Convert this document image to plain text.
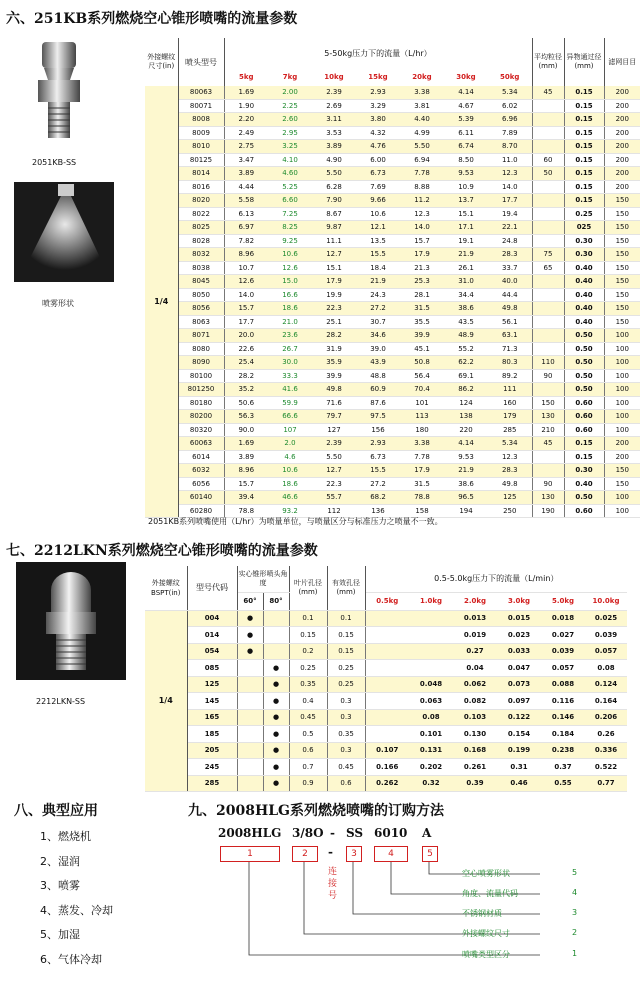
六、251KB系列燃烧空心锥形喷嘴的流量参数
2051KB-SS
喷雾形状
外接螺纹尺寸(in)	喷头型号	5-50kg压力下的流量（L/hr）							平均粒径(mm)	异物通过径(mm)	滤网目目
		5kg	7kg	10kg	15kg	20kg	30kg	50kg			
1/4	80063	1.69	2.00	2.39	2.93	3.38	4.14	5.34	45	0.15	200
	80071	1.90	2.25	2.69	3.29	3.81	4.67	6.02		0.15	200
	8008	2.20	2.60	3.11	3.80	4.40	5.39	6.96		0.15	200
	8009	2.49	2.95	3.53	4.32	4.99	6.11	7.89		0.15	200
	8010	2.75	3.25	3.89	4.76	5.50	6.74	8.70		0.15	200
	80125	3.47	4.10	4.90	6.00	6.94	8.50	11.0	60	0.15	200
	8014	3.89	4.60	5.50	6.73	7.78	9.53	12.3	50	0.15	200
	8016	4.44	5.25	6.28	7.69	8.88	10.9	14.0		0.15	200
	8020	5.58	6.60	7.90	9.66	11.2	13.7	17.7		0.15	150
	8022	6.13	7.25	8.67	10.6	12.3	15.1	19.4		0.25	150
	8025	6.97	8.25	9.87	12.1	14.0	17.1	22.1		025	150
	8028	7.82	9.25	11.1	13.5	15.7	19.1	24.8		0.30	150
	8032	8.96	10.6	12.7	15.5	17.9	21.9	28.3	75	0.30	150
	8038	10.7	12.6	15.1	18.4	21.3	26.1	33.7	65	0.40	150
	8045	12.6	15.0	17.9	21.9	25.3	31.0	40.0		0.40	150
	8050	14.0	16.6	19.9	24.3	28.1	34.4	44.4		0.40	150
	8056	15.7	18.6	22.3	27.2	31.5	38.6	49.8		0.40	150
	8063	17.7	21.0	25.1	30.7	35.5	43.5	56.1		0.40	150
	8071	20.0	23.6	28.2	34.6	39.9	48.9	63.1		0.50	100
	8080	22.6	26.7	31.9	39.0	45.1	55.2	71.3		0.50	100
	8090	25.4	30.0	35.9	43.9	50.8	62.2	80.3	110	0.50	100
	80100	28.2	33.3	39.9	48.8	56.4	69.1	89.2	90	0.50	100
	801250	35.2	41.6	49.8	60.9	70.4	86.2	111		0.50	100
	80180	50.6	59.9	71.6	87.6	101	124	160	150	0.60	100
	80200	56.3	66.6	79.7	97.5	113	138	179	130	0.60	100
	80320	90.0	107	127	156	180	220	285	210	0.60	100
	60063	1.69	2.0	2.39	2.93	3.38	4.14	5.34	45	0.15	200
	6014	3.89	4.6	5.50	6.73	7.78	9.53	12.3		0.15	200
	6032	8.96	10.6	12.7	15.5	17.9	21.9	28.3		0.30	150
	6056	15.7	18.6	22.3	27.2	31.5	38.6	49.8	90	0.40	150
	60140	39.4	46.6	55.7	68.2	78.8	96.5	125	130	0.50	100
	60280	78.8	93.2	112	136	158	194	250	190	0.60	100
2051KB系列喷嘴使用（L/hr）为喷量单位，与喷量区分与标准压力之喷量不一致。
七、2212LKN系列燃烧空心锥形喷嘴的流量参数
2212LKN-SS
外接螺纹BSPT(in)	型号代码	实心锥形喷头角度		叶片孔径(mm)	有效孔径(mm)	0.5-5.0kg压力下的流量（L/min）					
		60°	80°			0.5kg	1.0kg	2.0kg	3.0kg	5.0kg	10.0kg
1/4	004	●		0.1	0.1			0.013	0.015	0.018	0.025
	014	●		0.15	0.15			0.019	0.023	0.027	0.039
	054	●		0.2	0.15			0.27	0.033	0.039	0.057
	085		●	0.25	0.25			0.04	0.047	0.057	0.08
	125		●	0.35	0.25		0.048	0.062	0.073	0.088	0.124
	145		●	0.4	0.3		0.063	0.082	0.097	0.116	0.164
	165		●	0.45	0.3		0.08	0.103	0.122	0.146	0.206
	185		●	0.5	0.35		0.101	0.130	0.154	0.184	0.26
	205		●	0.6	0.3	0.107	0.131	0.168	0.199	0.238	0.336
	245		●	0.7	0.45	0.166	0.202	0.261	0.31	0.37	0.522
	285		●	0.9	0.6	0.262	0.32	0.39	0.46	0.55	0.77
八、典型应用
1、燃烧机
2、湿润
3、喷雾
4、蒸发、冷却
5、加湿
6、气体冷却
九、2008HLG系列燃烧喷嘴的订购方法
2008HLG 3/8O - SS 6010 A
1	2	-	3	4	5
连接号
空心喷雾形状	5
角度、流量代码	4
不锈钢材质	3
外接螺纹尺寸	2
喷嘴类型区分	1
